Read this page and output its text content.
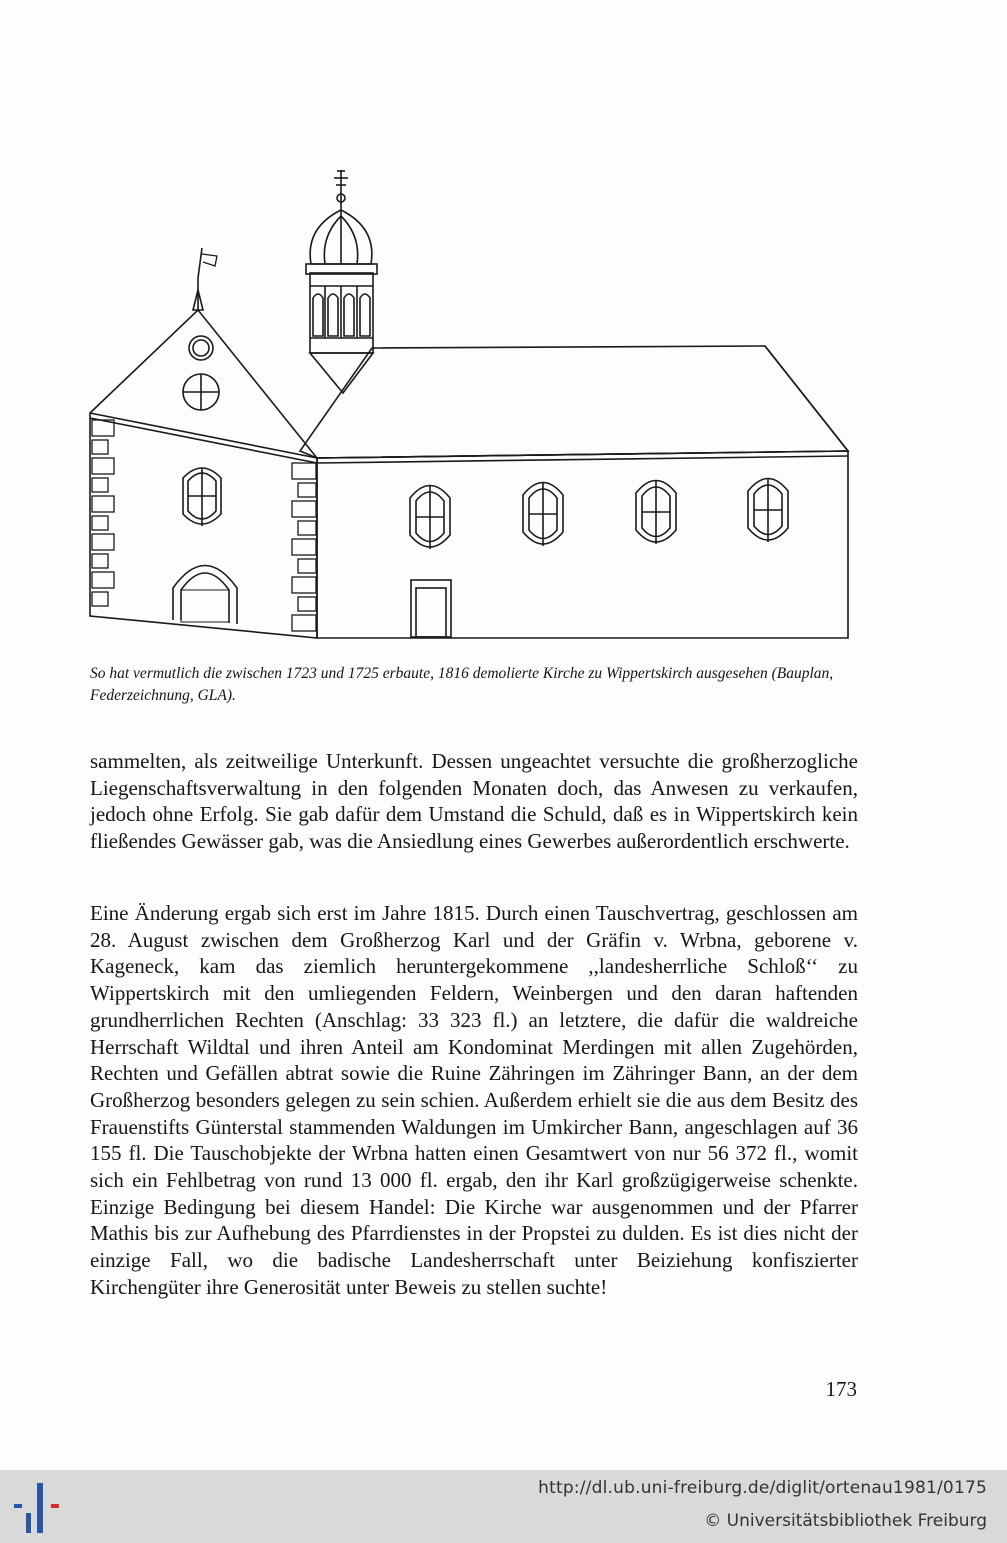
So hat vermutlich die zwischen 1723 und 1725 erbaute, 1816 demolierte Kirche zu Wippertskirch ausgesehen (Bauplan, Federzeichnung, GLA).

sammelten, als zeitweilige Unterkunft. Dessen ungeachtet versuchte die großherzogliche Liegenschaftsverwaltung in den folgenden Monaten doch, das Anwesen zu verkaufen, jedoch ohne Erfolg. Sie gab dafür dem Umstand die Schuld, daß es in Wippertskirch kein fließendes Gewässer gab, was die Ansiedlung eines Gewerbes außerordentlich erschwerte.

Eine Änderung ergab sich erst im Jahre 1815. Durch einen Tauschvertrag, geschlossen am 28. August zwischen dem Großherzog Karl und der Gräfin v. Wrbna, geborene v. Kageneck, kam das ziemlich heruntergekommene ,,landesherrliche Schloß‘‘ zu Wippertskirch mit den umliegenden Feldern, Weinbergen und den daran haftenden grundherrlichen Rechten (Anschlag: 33 323 fl.) an letztere, die dafür die waldreiche Herrschaft Wildtal und ihren Anteil am Kondominat Merdingen mit allen Zugehörden, Rechten und Gefällen abtrat sowie die Ruine Zähringen im Zähringer Bann, an der dem Großherzog besonders gelegen zu sein schien. Außerdem erhielt sie die aus dem Besitz des Frauenstifts Günterstal stammenden Waldungen im Umkircher Bann, angeschlagen auf 36 155 fl. Die Tauschobjekte der Wrbna hatten einen Gesamtwert von nur 56 372 fl., womit sich ein Fehlbetrag von rund 13 000 fl. ergab, den ihr Karl großzügigerweise schenkte. Einzige Bedingung bei diesem Handel: Die Kirche war ausgenommen und der Pfarrer Mathis bis zur Aufhebung des Pfarrdienstes in der Propstei zu dulden. Es ist dies nicht der einzige Fall, wo die badische Landesherrschaft unter Beiziehung konfiszierter Kirchengüter ihre Generosität unter Beweis zu stellen suchte!

173
http://dl.ub.uni-freiburg.de/diglit/ortenau1981/0175
© Universitätsbibliothek Freiburg
